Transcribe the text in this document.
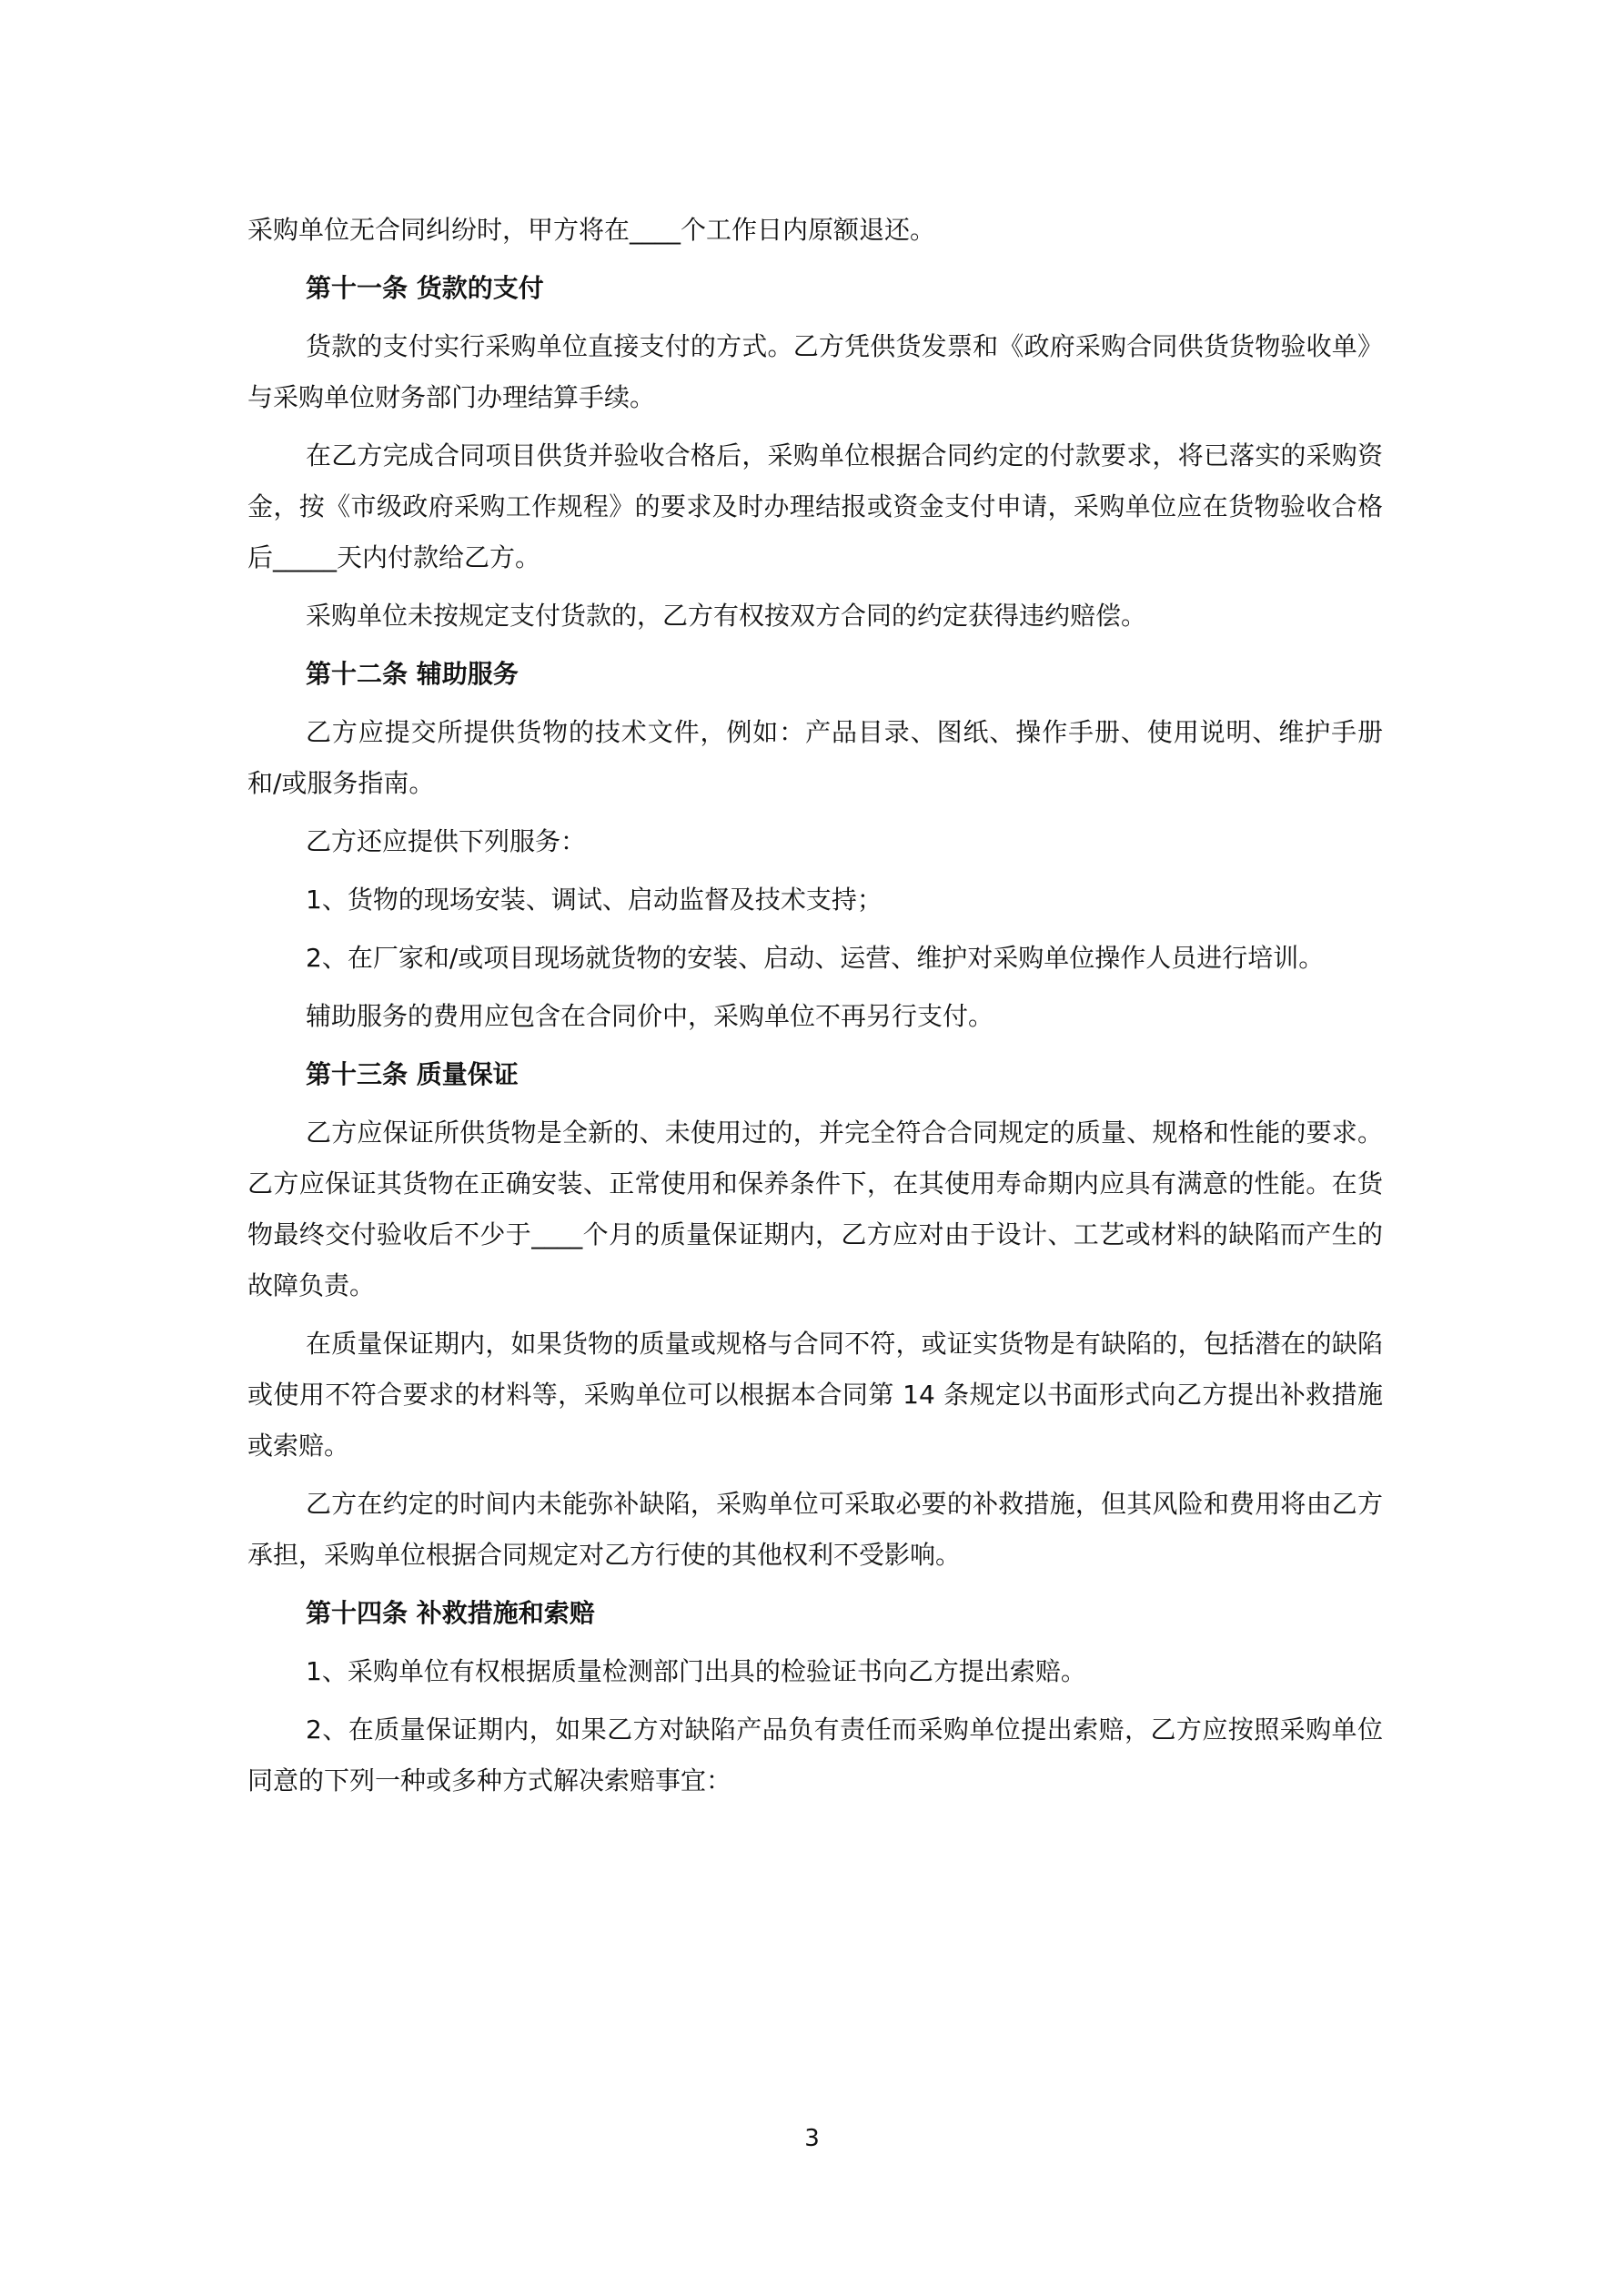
采购单位无合同纠纷时，甲方将在____个工作日内原额退还。

第十一条 货款的支付

货款的支付实行采购单位直接支付的方式。乙方凭供货发票和《政府采购合同供货货物验收单》与采购单位财务部门办理结算手续。

在乙方完成合同项目供货并验收合格后，采购单位根据合同约定的付款要求，将已落实的采购资金，按《市级政府采购工作规程》的要求及时办理结报或资金支付申请，采购单位应在货物验收合格后_____天内付款给乙方。

采购单位未按规定支付货款的，乙方有权按双方合同的约定获得违约赔偿。

第十二条 辅助服务

乙方应提交所提供货物的技术文件，例如：产品目录、图纸、操作手册、使用说明、维护手册和/或服务指南。

乙方还应提供下列服务：

1、货物的现场安装、调试、启动监督及技术支持；

2、在厂家和/或项目现场就货物的安装、启动、运营、维护对采购单位操作人员进行培训。

辅助服务的费用应包含在合同价中，采购单位不再另行支付。

第十三条 质量保证

乙方应保证所供货物是全新的、未使用过的，并完全符合合同规定的质量、规格和性能的要求。乙方应保证其货物在正确安装、正常使用和保养条件下，在其使用寿命期内应具有满意的性能。在货物最终交付验收后不少于____个月的质量保证期内，乙方应对由于设计、工艺或材料的缺陷而产生的故障负责。

在质量保证期内，如果货物的质量或规格与合同不符，或证实货物是有缺陷的，包括潜在的缺陷或使用不符合要求的材料等，采购单位可以根据本合同第 14 条规定以书面形式向乙方提出补救措施或索赔。

乙方在约定的时间内未能弥补缺陷，采购单位可采取必要的补救措施，但其风险和费用将由乙方承担，采购单位根据合同规定对乙方行使的其他权利不受影响。

第十四条 补救措施和索赔

1、采购单位有权根据质量检测部门出具的检验证书向乙方提出索赔。

2、在质量保证期内，如果乙方对缺陷产品负有责任而采购单位提出索赔，乙方应按照采购单位同意的下列一种或多种方式解决索赔事宜：

3
